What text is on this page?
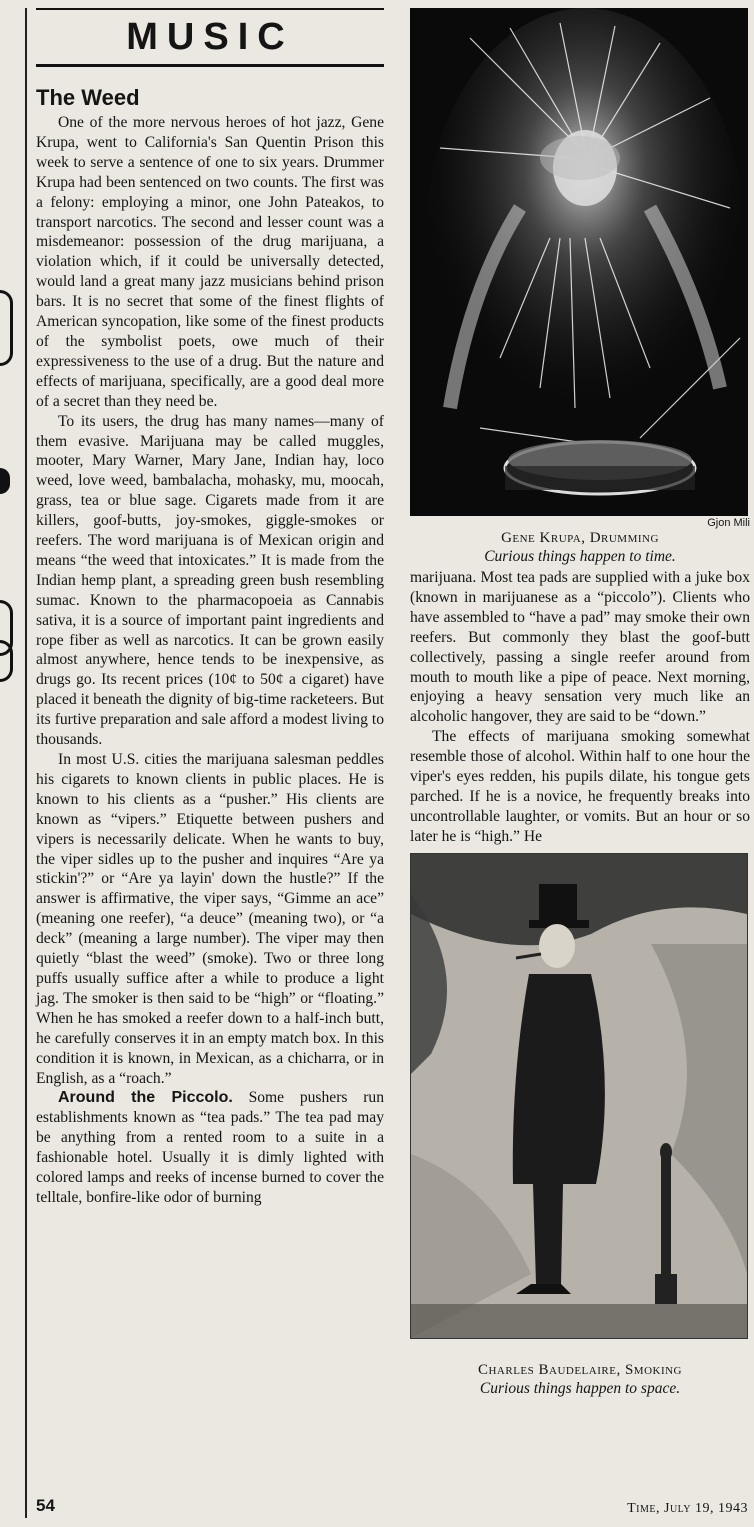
MUSIC
The Weed

One of the more nervous heroes of hot jazz, Gene Krupa, went to California's San Quentin Prison this week to serve a sentence of one to six years. Drummer Krupa had been sentenced on two counts. The first was a felony: employing a minor, one John Pateakos, to transport narcotics. The second and lesser count was a misdemeanor: possession of the drug marijuana, a violation which, if it could be universally detected, would land a great many jazz musicians behind prison bars. It is no secret that some of the finest flights of American syncopation, like some of the finest products of the symbolist poets, owe much of their expressiveness to the use of a drug. But the nature and effects of marijuana, specifically, are a good deal more of a secret than they need be.

To its users, the drug has many names—many of them evasive. Marijuana may be called muggles, mooter, Mary Warner, Mary Jane, Indian hay, loco weed, love weed, bambalacha, mohasky, mu, moocah, grass, tea or blue sage. Cigarets made from it are killers, goof-butts, joy-smokes, giggle-smokes or reefers. The word marijuana is of Mexican origin and means “the weed that intoxicates.” It is made from the Indian hemp plant, a spreading green bush resembling sumac. Known to the pharmacopoeia as Cannabis sativa, it is a source of important paint ingredients and rope fiber as well as narcotics. It can be grown easily almost anywhere, hence tends to be inexpensive, as drugs go. Its recent prices (10¢ to 50¢ a cigaret) have placed it beneath the dignity of big-time racketeers. But its furtive preparation and sale afford a modest living to thousands.

In most U.S. cities the marijuana salesman peddles his cigarets to known clients in public places. He is known to his clients as a “pusher.” His clients are known as “vipers.” Etiquette between pushers and vipers is necessarily delicate. When he wants to buy, the viper sidles up to the pusher and inquires “Are ya stickin'?” or “Are ya layin' down the hustle?” If the answer is affirmative, the viper says, “Gimme an ace” (meaning one reefer), “a deuce” (meaning two), or “a deck” (meaning a large number). The viper may then quietly “blast the weed” (smoke). Two or three long puffs usually suffice after a while to produce a light jag. The smoker is then said to be “high” or “floating.” When he has smoked a reefer down to a half-inch butt, he carefully conserves it in an empty match box. In this condition it is known, in Mexican, as a chicharra, or in English, as a “roach.”

Around the Piccolo. Some pushers run establishments known as “tea pads.” The tea pad may be anything from a rented room to a suite in a fashionable hotel. Usually it is dimly lighted with colored lamps and reeks of incense burned to cover the telltale, bonfire-like odor of burning

Gjon Mili
Gene Krupa, Drumming
Curious things happen to time.

marijuana. Most tea pads are supplied with a juke box (known in marijuanese as a “piccolo”). Clients who have assembled to “have a pad” may smoke their own reefers. But commonly they blast the goof-butt collectively, passing a single reefer around from mouth to mouth like a pipe of peace. Next morning, enjoying a heavy sensation very much like an alcoholic hangover, they are said to be “down.”

The effects of marijuana smoking somewhat resemble those of alcohol. Within half to one hour the viper's eyes redden, his pupils dilate, his tongue gets parched. If he is a novice, he frequently breaks into uncontrollable laughter, or vomits. But an hour or so later he is “high.” He

Charles Baudelaire, Smoking
Curious things happen to space.
54	Time, July 19, 1943
